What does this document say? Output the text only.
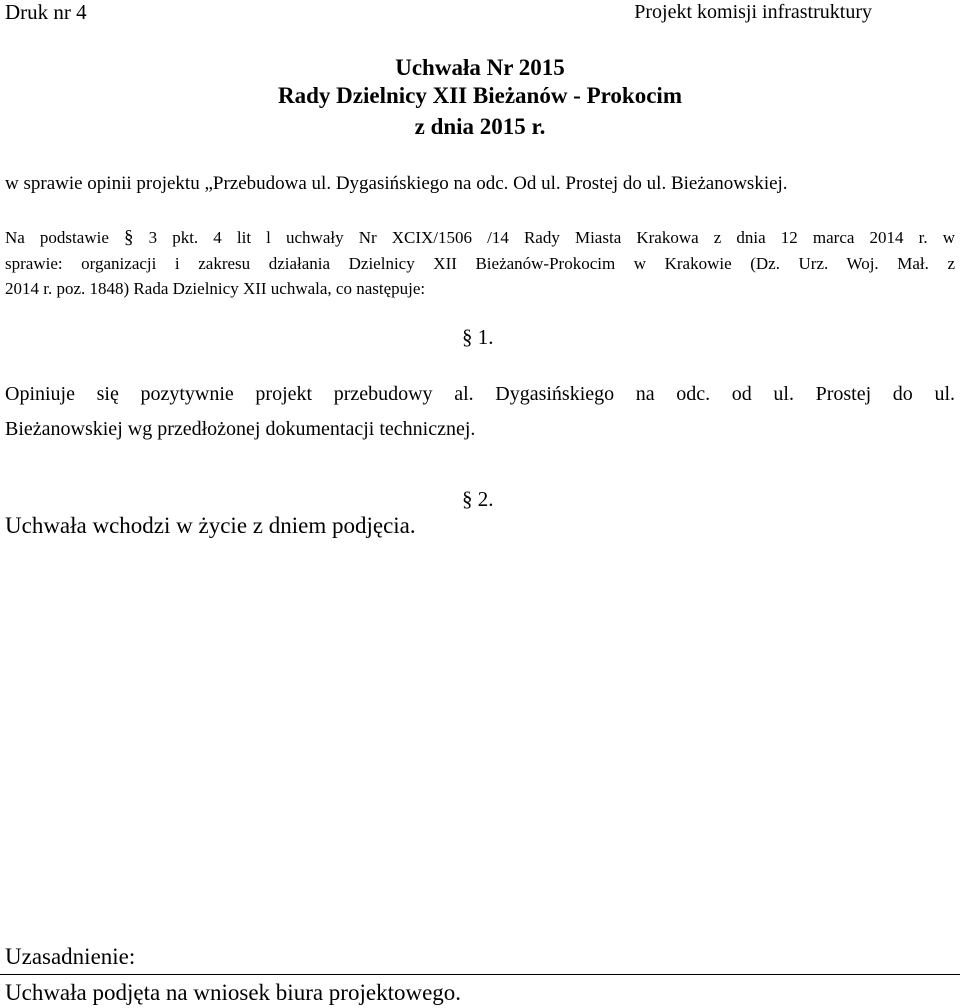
Druk nr 4	Projekt komisji infrastruktury
Uchwała Nr 2015
Rady Dzielnicy XII Bieżanów - Prokocim
z dnia 2015 r.
w sprawie opinii projektu „Przebudowa ul. Dygasińskiego na odc. Od ul. Prostej do ul. Bieżanowskiej.
Na podstawie § 3 pkt. 4 lit l uchwały Nr XCIX/1506 /14 Rady Miasta Krakowa z dnia 12 marca 2014 r. w
sprawie: organizacji i zakresu działania Dzielnicy XII Bieżanów-Prokocim w Krakowie (Dz. Urz. Woj. Mał. z
2014 r. poz. 1848) Rada Dzielnicy XII uchwala, co następuje:
§ 1.
Opiniuje się pozytywnie projekt przebudowy al. Dygasińskiego na odc. od ul. Prostej do ul.
Bieżanowskiej wg przedłożonej dokumentacji technicznej.
§ 2.
Uchwała wchodzi w życie z dniem podjęcia.
Uzasadnienie:
Uchwała podjęta na wniosek biura projektowego.
